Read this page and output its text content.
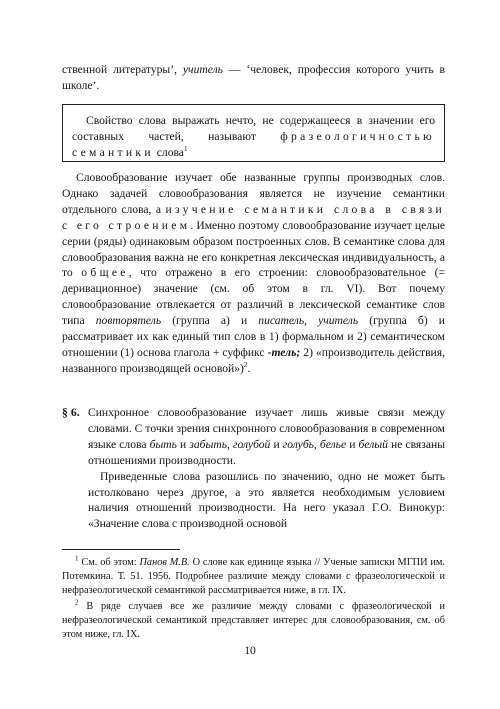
ственной литературы’, учитель — ‘человек, профессия которого учить в школе’.

Свойство слова выражать нечто, не содержащееся в значении его составных частей, называют фразеологичностью семантики слова$^1$

Словообразование изучает обе названные группы производных слов. Однако задачей словообразования является не изучение семантики отдельного слова, а изучение семантики слова в связи с его строением. Именно поэтому словообразование изучает целые серии (ряды) одинаковым образом построенных слов. В семантике слова для словообразования важна не его конкретная лексическая индивидуальность, а то общее, что отражено в его строении: словообразовательное (= деривационное) значение (см. об этом в гл. VI). Вот почему словообразование отвлекается от различий в лексической семантике слов типа повторятель (группа а) и писатель, учитель (группа б) и рассматривает их как единый тип слов в 1) формальном и 2) семантическом отношении (1) основа глагола + суффикс -тель; 2) «производитель действия, названного производящей основой»)$^2$.

§ 6. Синхронное словообразование изучает лишь живые связи между словами. С точки зрения синхронного словообразования в современном языке слова быть и забыть, голубой и голубь, белье и белый не связаны отношениями производности.
Приведенные слова разошлись по значению, одно не может быть истолковано через другое, а это является необходимым условием наличия отношений производности. На него указал Г.О. Винокур: «Значение слова с производной основой

$^1$ См. об этом: Панов М.В. О слове как единице языка // Ученые записки МГПИ им. Потемкина. Т. 51. 1956. Подробнее различие между словами с фразеологической и нефразеологической семантикой рассматривается ниже, в гл. IX.

$^2$ В ряде случаев все же различие между словами с фразеологической и нефразеологической семантикой представляет интерес для словообразования, см. об этом ниже, гл. IX.

10
